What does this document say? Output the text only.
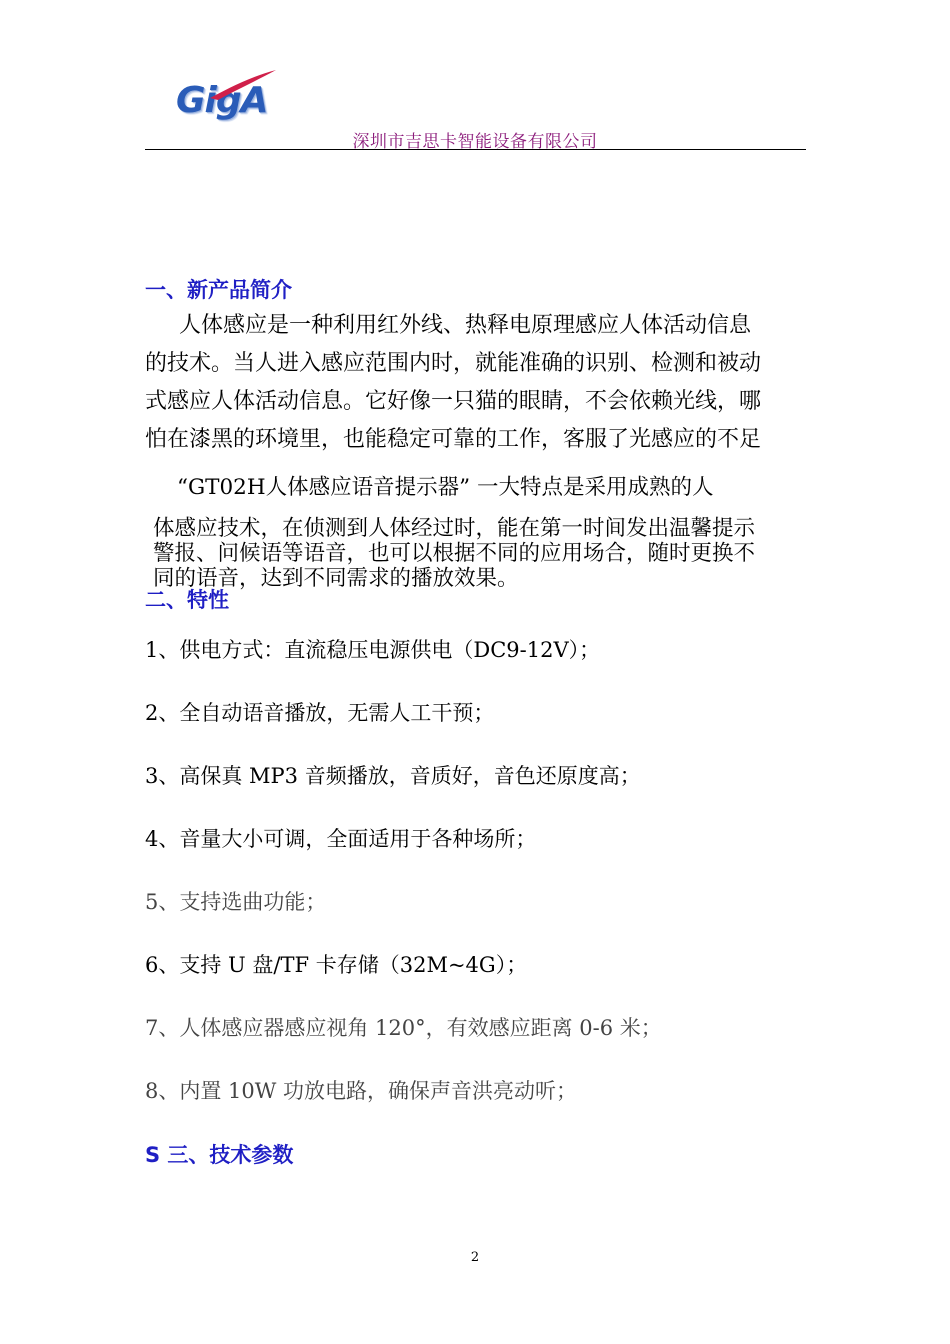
GigA
深圳市吉思卡智能设备有限公司
一、新产品简介
人体感应是一种利用红外线、热释电原理感应人体活动信息
的技术。当人进入感应范围内时，就能准确的识别、检测和被动
式感应人体活动信息。它好像一只猫的眼睛，不会依赖光线，哪
怕在漆黑的环境里，也能稳定可靠的工作，客服了光感应的不足
“GT02H人体感应语音提示器” 一大特点是采用成熟的人
体感应技术，在侦测到人体经过时，能在第一时间发出温馨提示
警报、问候语等语音，也可以根据不同的应用场合，随时更换不
同的语音，达到不同需求的播放效果。
二、特性
1、供电方式：直流稳压电源供电（DC9-12V）；
2、全自动语音播放，无需人工干预；
3、高保真 MP3 音频播放，音质好，音色还原度高；
4、音量大小可调，全面适用于各种场所；
5、支持选曲功能；
6、支持 U 盘/TF 卡存储（32M~4G）；
7、人体感应器感应视角 120°，有效感应距离 0-6 米；
8、内置 10W 功放电路，确保声音洪亮动听；
S 三、技术参数
2
